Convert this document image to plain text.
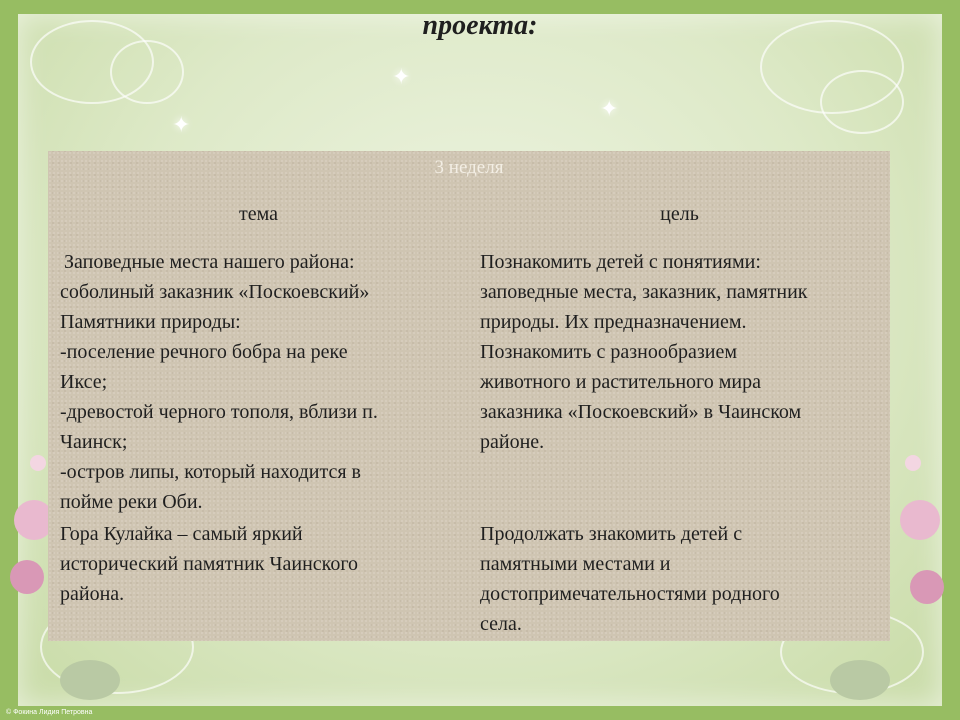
✦
✦
✦
проекта:
3 неделя
тема	цель
Заповедные места нашего района:
соболиный заказник «Поскоевский»
Памятники природы:
-поселение речного бобра на реке
Иксе;
-древостой черного тополя, вблизи п.
Чаинск;
-остров липы, который находится в
пойме реки Оби.
Познакомить детей с понятиями:
заповедные места, заказник, памятник
природы. Их предназначением.
Познакомить с разнообразием
животного и растительного мира
заказника «Поскоевский» в Чаинском
районе.
Гора Кулайка – самый яркий
исторический памятник Чаинского
района.
Продолжать знакомить детей с
памятными местами и
достопримечательностями родного
села.
© Фокина Лидия Петровна
